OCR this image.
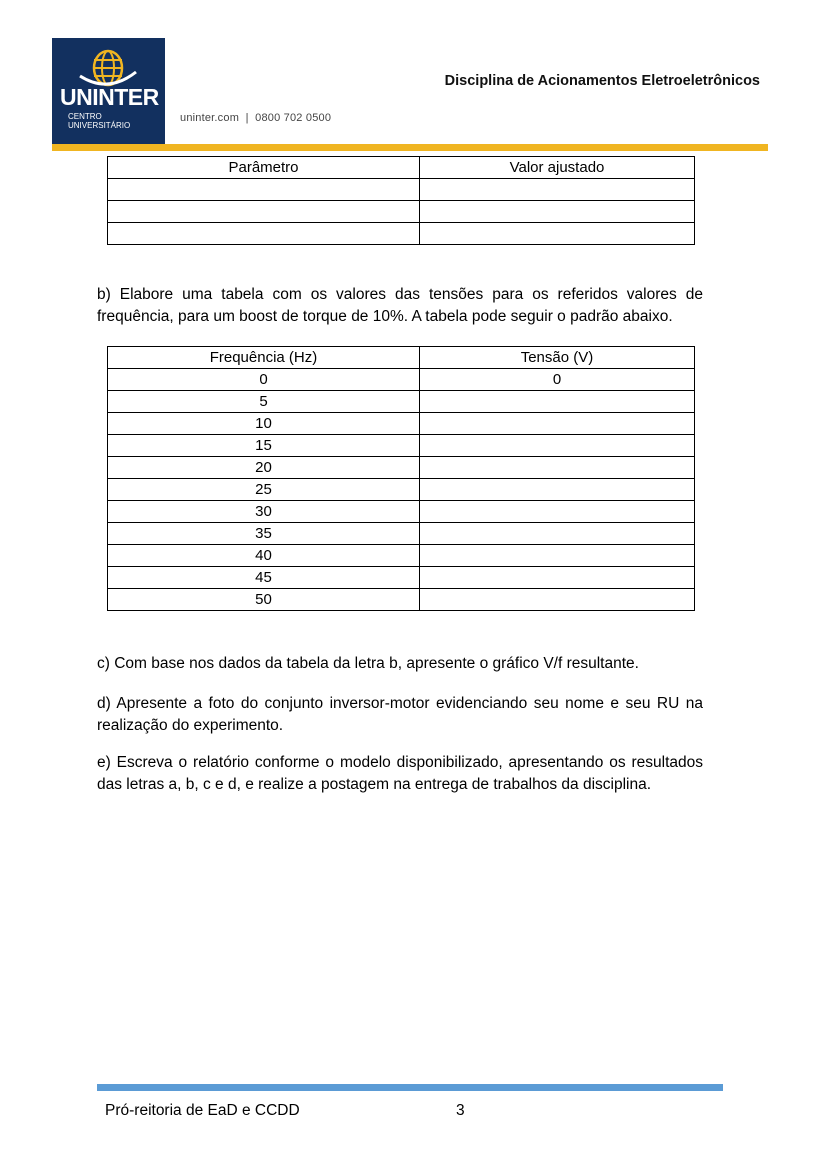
UNINTER
CENTRO
UNIVERSITÁRIO
uninter.com  |  0800 702 0500
Disciplina de Acionamentos Eletroeletrônicos
Parâmetro	Valor ajustado

b) Elabore uma tabela com os valores das tensões para os referidos valores de frequência, para um boost de torque de 10%. A tabela pode seguir o padrão abaixo.
Frequência (Hz)	Tensão (V)
0	0
5	
10	
15	
20	
25	
30	
35	
40	
45	
50	
c) Com base nos dados da tabela da letra b, apresente o gráfico V/f resultante.
d) Apresente a foto do conjunto inversor-motor evidenciando seu nome e seu RU na realização do experimento.
e) Escreva o relatório conforme o modelo disponibilizado, apresentando os resultados das letras a, b, c e d, e realize a postagem na entrega de trabalhos da disciplina.
Pró-reitoria de EaD e CCDD	3
